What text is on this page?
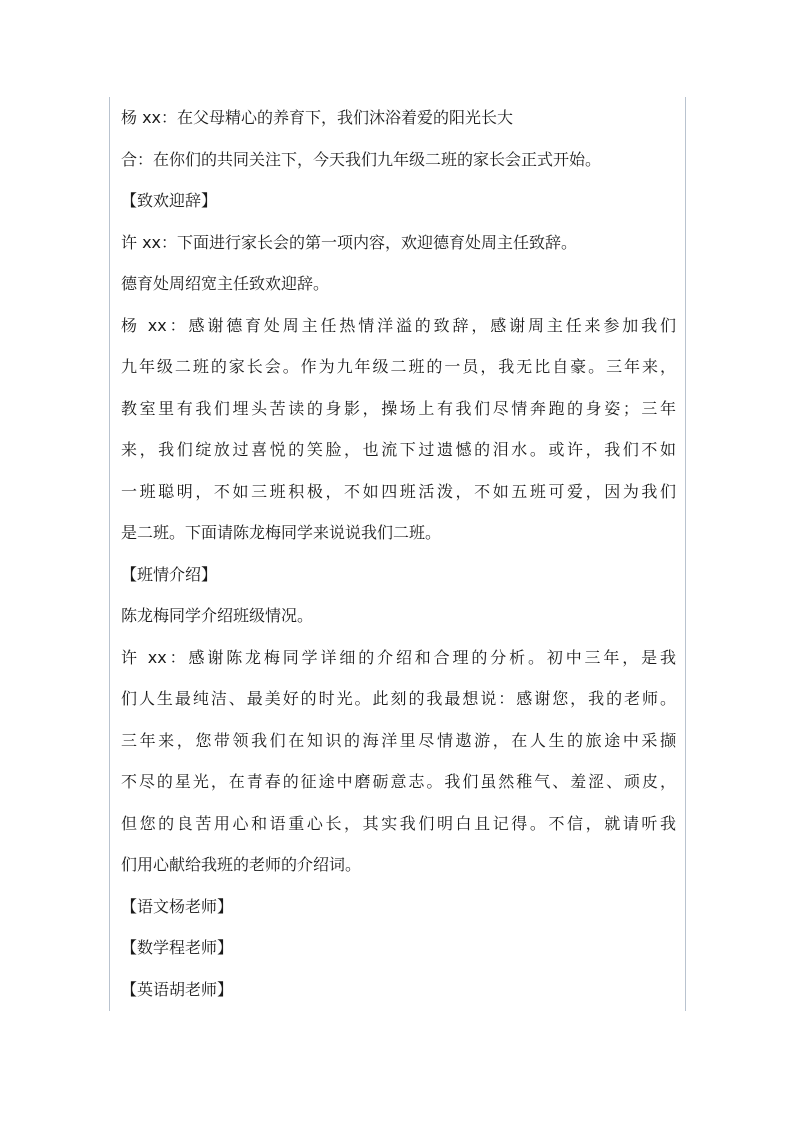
杨 xx：在父母精心的养育下，我们沐浴着爱的阳光长大
合：在你们的共同关注下，今天我们九年级二班的家长会正式开始。
【致欢迎辞】
许 xx：下面进行家长会的第一项内容，欢迎德育处周主任致辞。
德育处周绍宽主任致欢迎辞。
杨 xx：感谢德育处周主任热情洋溢的致辞，感谢周主任来参加我们
九年级二班的家长会。作为九年级二班的一员，我无比自豪。三年来，
教室里有我们埋头苦读的身影，操场上有我们尽情奔跑的身姿；三年
来，我们绽放过喜悦的笑脸，也流下过遗憾的泪水。或许，我们不如
一班聪明，不如三班积极，不如四班活泼，不如五班可爱，因为我们
是二班。下面请陈龙梅同学来说说我们二班。
【班情介绍】
陈龙梅同学介绍班级情况。
许 xx：感谢陈龙梅同学详细的介绍和合理的分析。初中三年，是我
们人生最纯洁、最美好的时光。此刻的我最想说：感谢您，我的老师。
三年来，您带领我们在知识的海洋里尽情遨游，在人生的旅途中采撷
不尽的星光，在青春的征途中磨砺意志。我们虽然稚气、羞涩、顽皮，
但您的良苦用心和语重心长，其实我们明白且记得。不信，就请听我
们用心献给我班的老师的介绍词。
【语文杨老师】
【数学程老师】
【英语胡老师】
